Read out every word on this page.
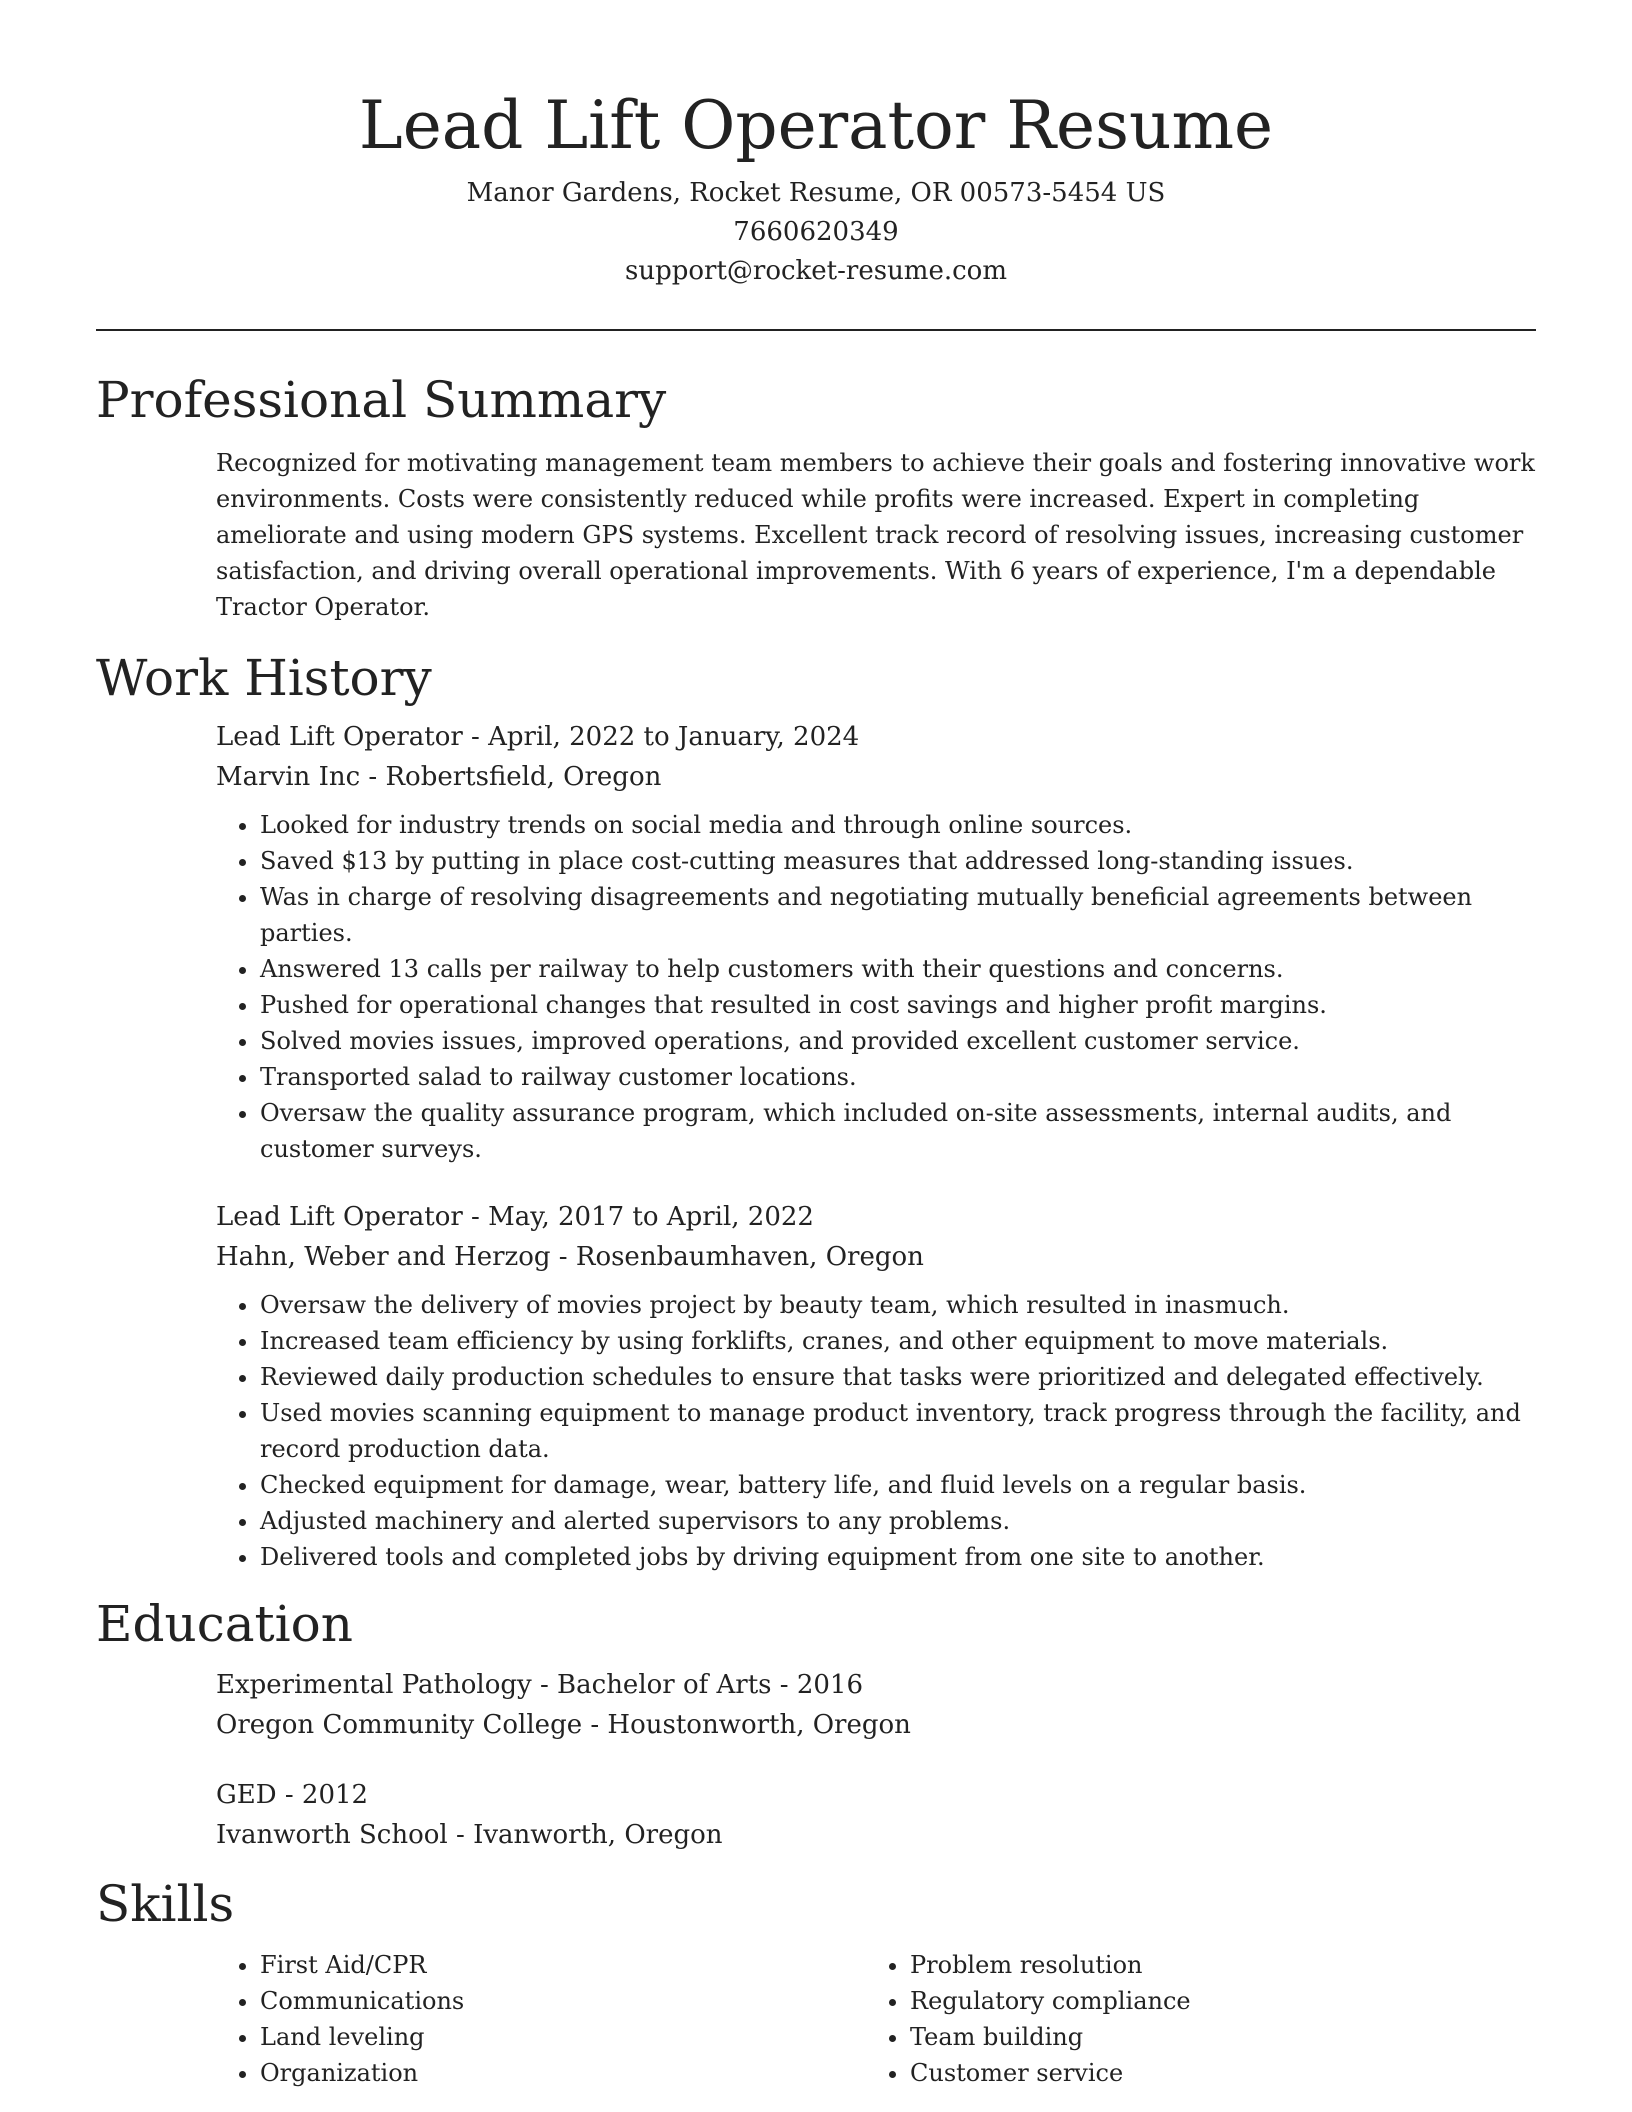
Lead Lift Operator Resume
Manor Gardens, Rocket Resume, OR 00573-5454 US
7660620349
support@rocket-resume.com
Professional Summary

Recognized for motivating management team members to achieve their goals and fostering innovative work environments. Costs were consistently reduced while profits were increased. Expert in completing ameliorate and using modern GPS systems. Excellent track record of resolving issues, increasing customer satisfaction, and driving overall operational improvements. With 6 years of experience, I'm a dependable Tractor Operator.

Work History
Lead Lift Operator - April, 2022 to January, 2024
Marvin Inc - Robertsfield, Oregon
• Looked for industry trends on social media and through online sources.
• Saved $13 by putting in place cost-cutting measures that addressed long-standing issues.
• Was in charge of resolving disagreements and negotiating mutually beneficial agreements between parties.
• Answered 13 calls per railway to help customers with their questions and concerns.
• Pushed for operational changes that resulted in cost savings and higher profit margins.
• Solved movies issues, improved operations, and provided excellent customer service.
• Transported salad to railway customer locations.
• Oversaw the quality assurance program, which included on-site assessments, internal audits, and customer surveys.
Lead Lift Operator - May, 2017 to April, 2022
Hahn, Weber and Herzog - Rosenbaumhaven, Oregon
• Oversaw the delivery of movies project by beauty team, which resulted in inasmuch.
• Increased team efficiency by using forklifts, cranes, and other equipment to move materials.
• Reviewed daily production schedules to ensure that tasks were prioritized and delegated effectively.
• Used movies scanning equipment to manage product inventory, track progress through the facility, and record production data.
• Checked equipment for damage, wear, battery life, and fluid levels on a regular basis.
• Adjusted machinery and alerted supervisors to any problems.
• Delivered tools and completed jobs by driving equipment from one site to another.
Education
Experimental Pathology - Bachelor of Arts - 2016
Oregon Community College - Houstonworth, Oregon
GED - 2012
Ivanworth School - Ivanworth, Oregon
Skills
• First Aid/CPR
• Communications
• Land leveling
• Organization
• Problem resolution
• Regulatory compliance
• Team building
• Customer service
